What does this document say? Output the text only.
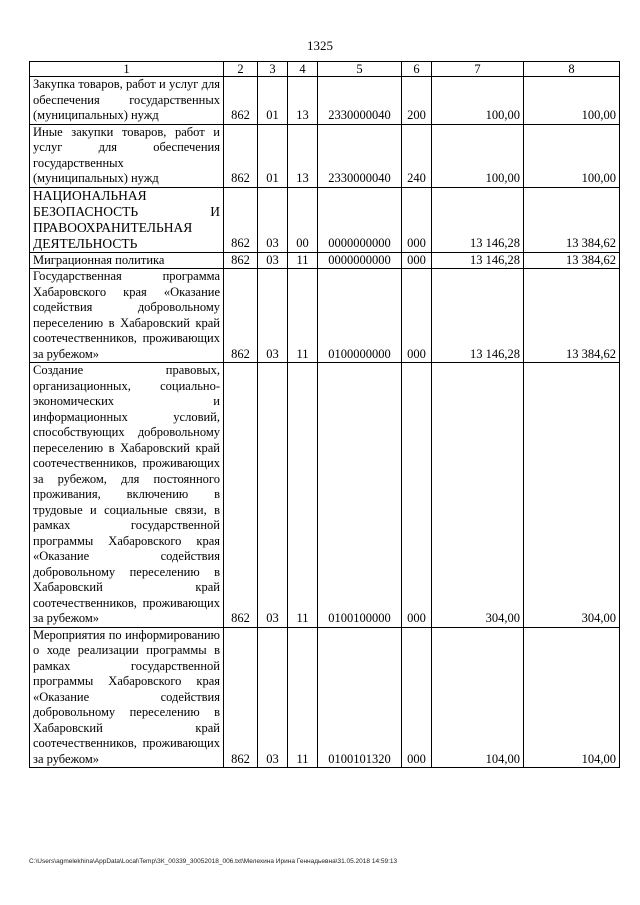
1325
1	2	3	4	5	6	7	8
Закупка товаров, работ и услуг для обеспечения государственных (муниципальных) нужд	862	01	13	2330000040	200	100,00	100,00
Иные закупки товаров, работ и услуг для обеспечения государственных (муниципальных) нужд	862	01	13	2330000040	240	100,00	100,00
НАЦИОНАЛЬНАЯ БЕЗОПАСНОСТЬ И ПРАВООХРАНИТЕЛЬНАЯ ДЕЯТЕЛЬНОСТЬ	862	03	00	0000000000	000	13 146,28	13 384,62
Миграционная политика	862	03	11	0000000000	000	13 146,28	13 384,62
Государственная программа Хабаровского края «Оказание содействия добровольному переселению в Хабаровский край соотечественников, проживающих за рубежом»	862	03	11	0100000000	000	13 146,28	13 384,62
Создание правовых, организационных, социально-экономических и информационных условий, способствующих добровольному переселению в Хабаровский край соотечественников, проживающих за рубежом, для постоянного проживания, включению в трудовые и социальные связи, в рамках государственной программы Хабаровского края «Оказание содействия добровольному переселению в Хабаровский край соотечественников, проживающих за рубежом»	862	03	11	0100100000	000	304,00	304,00
Мероприятия по информированию о ходе реализации программы в рамках государственной программы Хабаровского края «Оказание содействия добровольному переселению в Хабаровский край соотечественников, проживающих за рубежом»	862	03	11	0100101320	000	104,00	104,00
C:\Users\agmelekhina\AppData\Local\Temp\ЗК_00339_30052018_006.txt\Мелехина Ирина Геннадьевна\31.05.2018 14:59:13
